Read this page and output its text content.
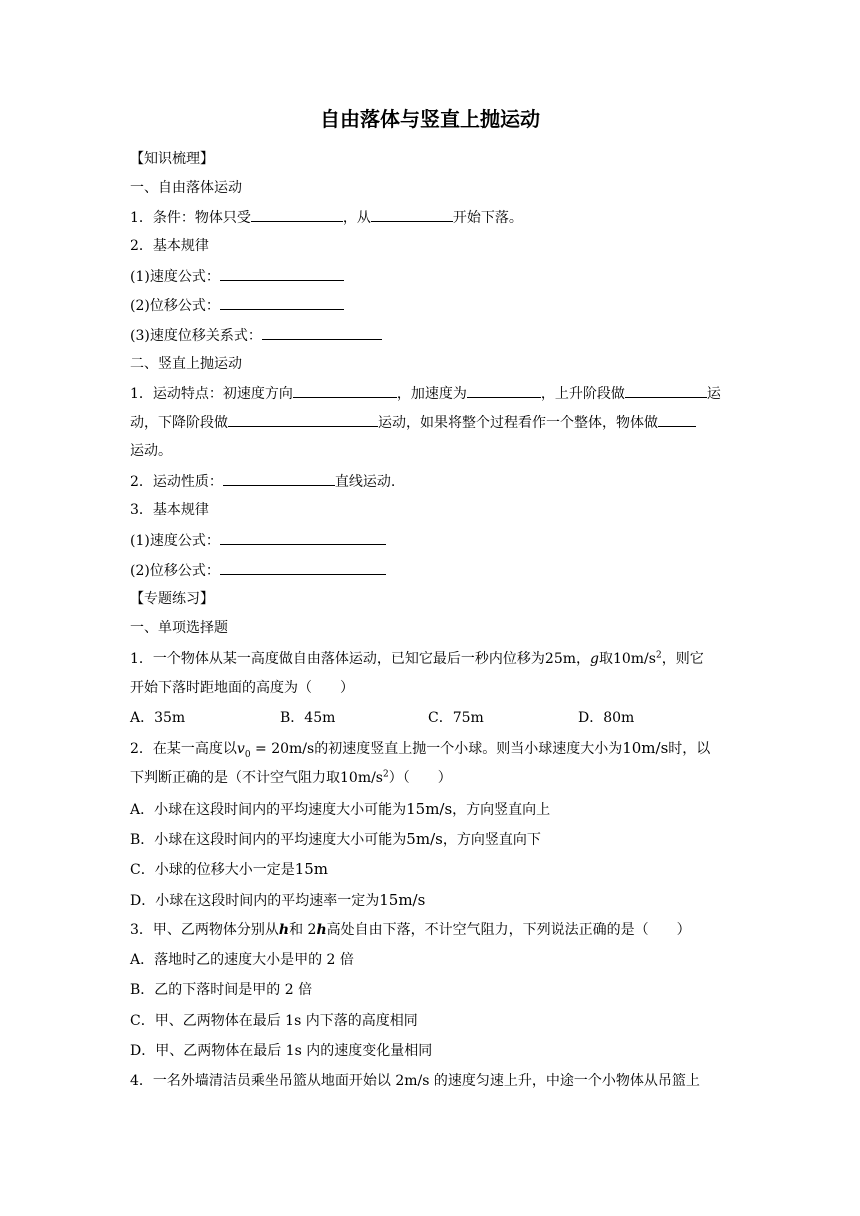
自由落体与竖直上抛运动
【知识梳理】
一、自由落体运动
1．条件：物体只受	，从	开始下落。
2．基本规律
(1)速度公式：
(2)位移公式：
(3)速度位移关系式：
二、竖直上抛运动
1．运动特点：初速度方向	，加速度为	，上升阶段做	运
动，下降阶段做	运动，如果将整个过程看作一个整体，物体做
运动。
2．运动性质：	直线运动.
3．基本规律
(1)速度公式：
(2)位移公式：
【专题练习】
一、单项选择题
1．一个物体从某一高度做自由落体运动，已知它最后一秒内位移为25m，g取$10m/s^2$，则它
开始下落时距地面的高度为（　　）
A．35m	B．45m	C．75m	D．80m
2．在某一高度以$v_0 = 20m/s$的初速度竖直上抛一个小球。则当小球速度大小为10m/s时，以
下判断正确的是（不计空气阻力取$10m/s^2$）（　　）
A．小球在这段时间内的平均速度大小可能为15m/s，方向竖直向上
B．小球在这段时间内的平均速度大小可能为5m/s，方向竖直向下
C．小球的位移大小一定是15m
D．小球在这段时间内的平均速率一定为15m/s
3．甲、乙两物体分别从h和 2h高处自由下落，不计空气阻力，下列说法正确的是（　　）
A．落地时乙的速度大小是甲的 2 倍
B．乙的下落时间是甲的 2 倍
C．甲、乙两物体在最后 1s 内下落的高度相同
D．甲、乙两物体在最后 1s 内的速度变化量相同
4．一名外墙清洁员乘坐吊篮从地面开始以 2m/s 的速度匀速上升，中途一个小物体从吊篮上
